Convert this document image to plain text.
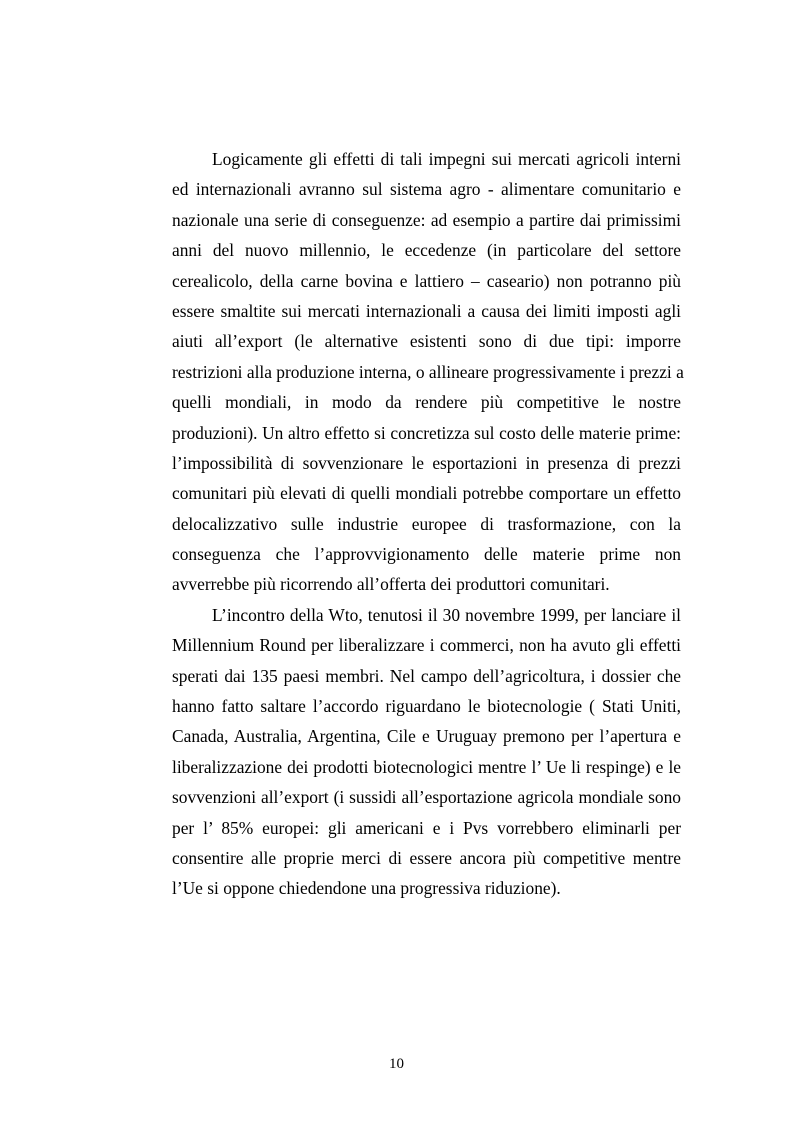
Logicamente gli effetti di tali impegni sui mercati agricoli interni
ed internazionali avranno sul sistema agro - alimentare comunitario e
nazionale una serie di conseguenze: ad esempio a partire dai primissimi
anni del nuovo millennio, le eccedenze (in particolare del settore
cerealicolo, della carne bovina e lattiero – caseario) non potranno più
essere smaltite sui mercati internazionali a causa dei limiti imposti agli
aiuti all’export (le alternative esistenti sono di due tipi: imporre
restrizioni alla produzione interna, o allineare progressivamente i prezzi a
quelli mondiali, in modo da rendere più competitive le nostre
produzioni). Un altro effetto si concretizza sul costo delle materie prime:
l’impossibilità di sovvenzionare le esportazioni in presenza di prezzi
comunitari più elevati di quelli mondiali potrebbe comportare un effetto
delocalizzativo sulle industrie europee di trasformazione, con la
conseguenza che l’approvvigionamento delle materie prime non
avverrebbe più ricorrendo all’offerta dei produttori comunitari.
L’incontro della Wto, tenutosi il 30 novembre 1999, per lanciare il
Millennium Round per liberalizzare i commerci, non ha avuto gli effetti
sperati dai 135 paesi membri. Nel campo dell’agricoltura, i dossier che
hanno fatto saltare l’accordo riguardano le biotecnologie ( Stati Uniti,
Canada, Australia, Argentina, Cile e Uruguay premono per l’apertura e
liberalizzazione dei prodotti biotecnologici mentre l’ Ue li respinge) e le
sovvenzioni all’export (i sussidi all’esportazione agricola mondiale sono
per l’ 85% europei: gli americani e i Pvs vorrebbero eliminarli per
consentire alle proprie merci di essere ancora più competitive mentre
l’Ue si oppone chiedendone una progressiva riduzione).
10
